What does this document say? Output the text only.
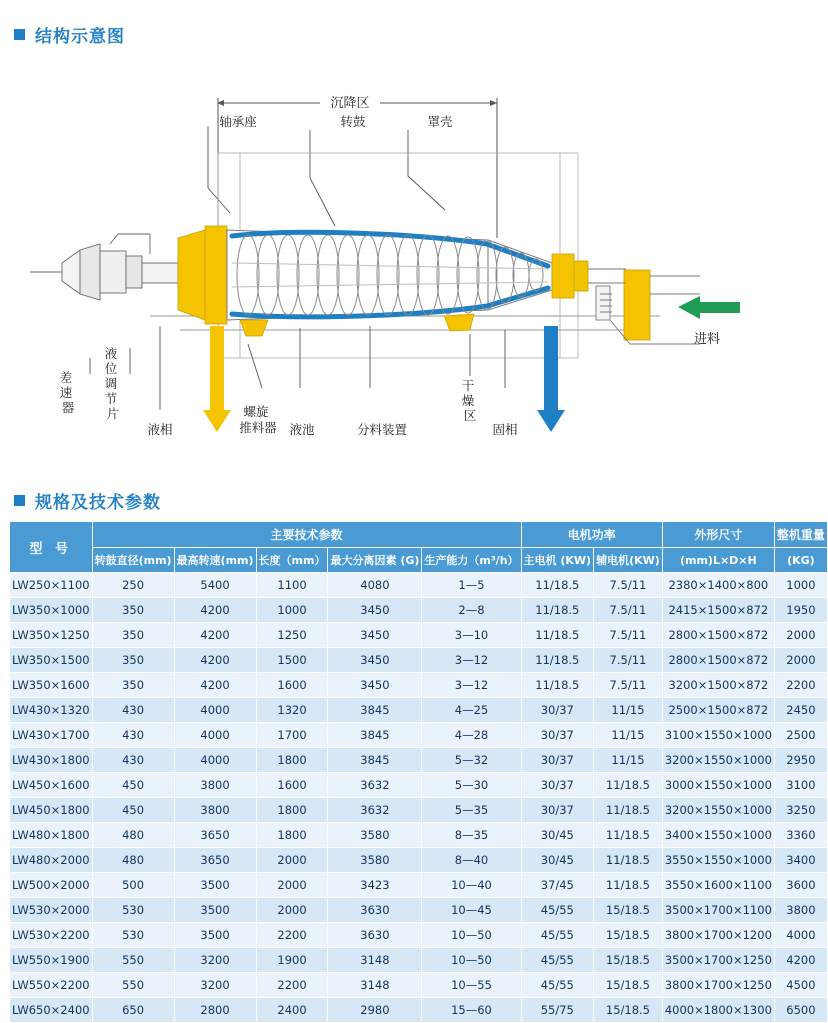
结构示意图
沉降区
轴承座	转鼓	罩壳
进料
差 速 器
液 位 调 节 片
液相
螺旋 推料器 液池	分料装置
干 燥 区
固相
规格及技术参数
型 号	主要技术参数					电机功率		外形尺寸	整机重量
	转鼓直径(mm)	最高转速(mm)	长度（mm）	最大分离因素 (G)	生产能力（m³/h）	主电机 (KW)	辅电机(KW)	(mm)L×D×H	(KG)
LW250×1100	250	5400	1100	4080	1—5	11/18.5	7.5/11	2380×1400×800	1000
LW350×1000	350	4200	1000	3450	2—8	11/18.5	7.5/11	2415×1500×872	1950
LW350×1250	350	4200	1250	3450	3—10	11/18.5	7.5/11	2800×1500×872	2000
LW350×1500	350	4200	1500	3450	3—12	11/18.5	7.5/11	2800×1500×872	2000
LW350×1600	350	4200	1600	3450	3—12	11/18.5	7.5/11	3200×1500×872	2200
LW430×1320	430	4000	1320	3845	4—25	30/37	11/15	2500×1500×872	2450
LW430×1700	430	4000	1700	3845	4—28	30/37	11/15	3100×1550×1000	2500
LW430×1800	430	4000	1800	3845	5—32	30/37	11/15	3200×1550×1000	2950
LW450×1600	450	3800	1600	3632	5—30	30/37	11/18.5	3000×1550×1000	3100
LW450×1800	450	3800	1800	3632	5—35	30/37	11/18.5	3200×1550×1000	3250
LW480×1800	480	3650	1800	3580	8—35	30/45	11/18.5	3400×1550×1000	3360
LW480×2000	480	3650	2000	3580	8—40	30/45	11/18.5	3550×1550×1000	3400
LW500×2000	500	3500	2000	3423	10—40	37/45	11/18.5	3550×1600×1100	3600
LW530×2000	530	3500	2000	3630	10—45	45/55	15/18.5	3500×1700×1100	3800
LW530×2200	530	3500	2200	3630	10—50	45/55	15/18.5	3800×1700×1200	4000
LW550×1900	550	3200	1900	3148	10—50	45/55	15/18.5	3500×1700×1250	4200
LW550×2200	550	3200	2200	3148	10—55	45/55	15/18.5	3800×1700×1250	4500
LW650×2400	650	2800	2400	2980	15—60	55/75	15/18.5	4000×1800×1300	6500
